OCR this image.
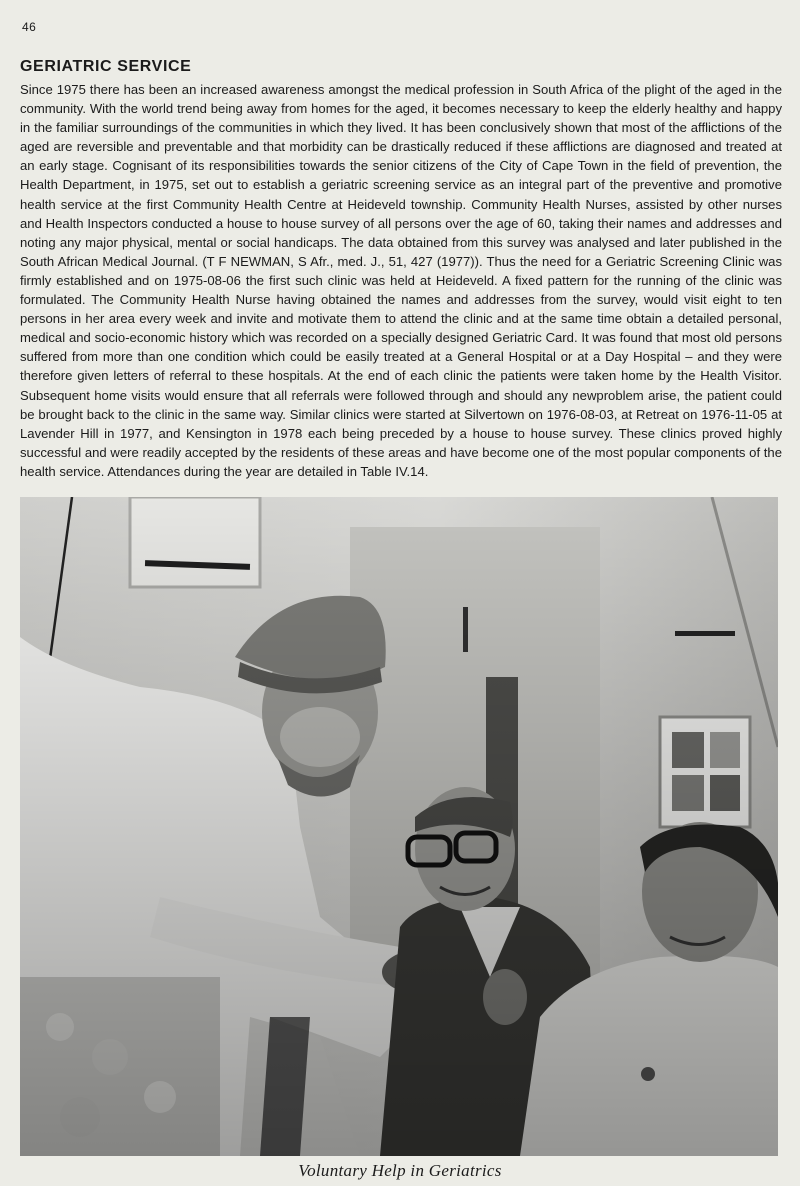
46
GERIATRIC SERVICE

Since 1975 there has been an increased awareness amongst the medical profession in South Africa of the plight of the aged in the community. With the world trend being away from homes for the aged, it becomes necessary to keep the elderly healthy and happy in the familiar surroundings of the communities in which they lived. It has been conclusively shown that most of the afflictions of the aged are reversible and preventable and that morbidity can be drastically reduced if these afflictions are diagnosed and treated at an early stage. Cognisant of its responsibilities towards the senior citizens of the City of Cape Town in the field of prevention, the Health Department, in 1975, set out to establish a geriatric screening service as an integral part of the preventive and promotive health service at the first Community Health Centre at Heideveld township. Community Health Nurses, assisted by other nurses and Health Inspectors conducted a house to house survey of all persons over the age of 60, taking their names and addresses and noting any major physical, mental or social handicaps. The data obtained from this survey was analysed and later published in the South African Medical Journal. (T F NEWMAN, S Afr., med. J., 51, 427 (1977)). Thus the need for a Geriatric Screening Clinic was firmly established and on 1975-08-06 the first such clinic was held at Heideveld. A fixed pattern for the running of the clinic was formulated. The Community Health Nurse having obtained the names and addresses from the survey, would visit eight to ten persons in her area every week and invite and motivate them to attend the clinic and at the same time obtain a detailed personal, medical and socio-economic history which was recorded on a specially designed Geriatric Card. It was found that most old persons suffered from more than one condition which could be easily treated at a General Hospital or at a Day Hospital – and they were therefore given letters of referral to these hospitals. At the end of each clinic the patients were taken home by the Health Visitor. Subsequent home visits would ensure that all referrals were followed through and should any newproblem arise, the patient could be brought back to the clinic in the same way. Similar clinics were started at Silvertown on 1976-08-03, at Retreat on 1976-11-05 at Lavender Hill in 1977, and Kensington in 1978 each being preceded by a house to house survey. These clinics proved highly successful and were readily accepted by the residents of these areas and have become one of the most popular components of the health service. Attendances during the year are detailed in Table IV.14.

Voluntary Help in Geriatrics
